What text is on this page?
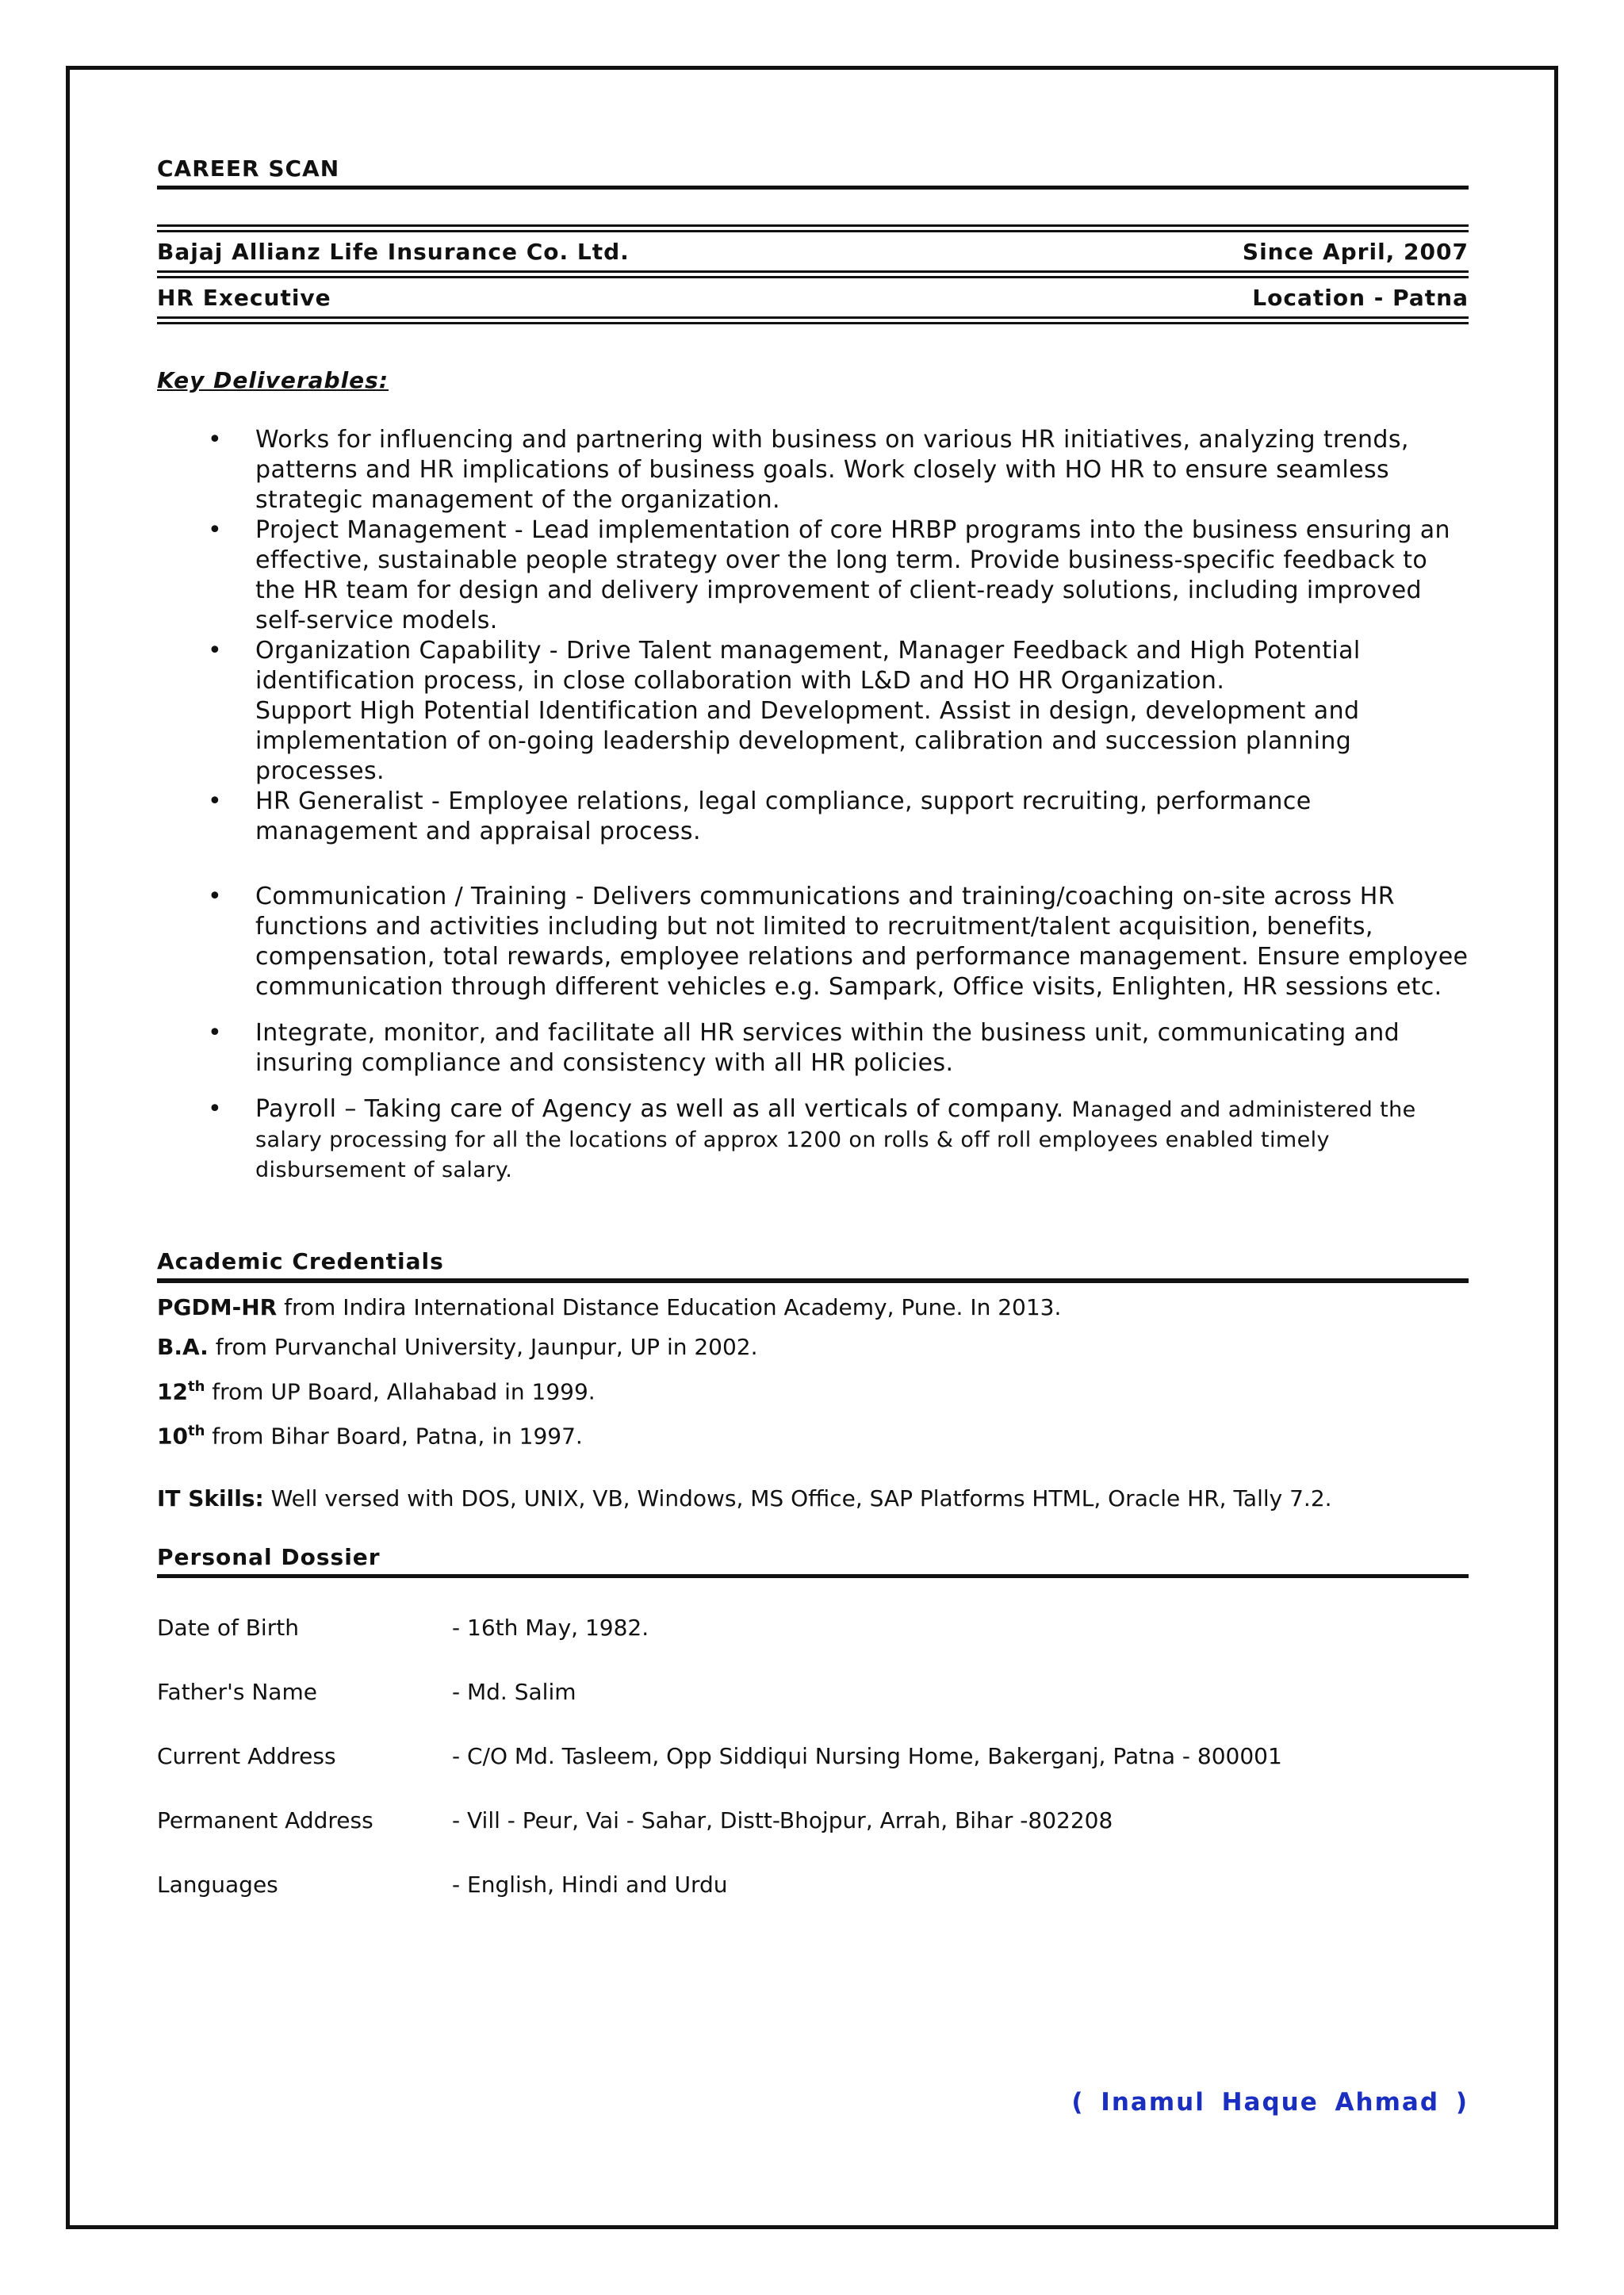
CAREER SCAN
Bajaj Allianz Life Insurance Co. Ltd.	Since April, 2007
HR Executive	Location - Patna
Key Deliverables:
• Works for influencing and partnering with business on various HR initiatives, analyzing trends, patterns and HR implications of business goals. Work closely with HO HR to ensure seamless strategic management of the organization.
• Project Management - Lead implementation of core HRBP programs into the business ensuring an effective, sustainable people strategy over the long term. Provide business-specific feedback to the HR team for design and delivery improvement of client-ready solutions, including improved self-service models.
• Organization Capability - Drive Talent management, Manager Feedback and High Potential identification process, in close collaboration with L&D and HO HR Organization.
Support High Potential Identification and Development. Assist in design, development and implementation of on-going leadership development, calibration and succession planning processes.
• HR Generalist - Employee relations, legal compliance, support recruiting, performance management and appraisal process.
• Communication / Training - Delivers communications and training/coaching on-site across HR functions and activities including but not limited to recruitment/talent acquisition, benefits, compensation, total rewards, employee relations and performance management. Ensure employee communication through different vehicles e.g. Sampark, Office visits, Enlighten, HR sessions etc.
• Integrate, monitor, and facilitate all HR services within the business unit, communicating and insuring compliance and consistency with all HR policies.
• Payroll – Taking care of Agency as well as all verticals of company. Managed and administered the salary processing for all the locations of approx 1200 on rolls & off roll employees enabled timely disbursement of salary.
Academic Credentials
PGDM-HR from Indira International Distance Education Academy, Pune. In 2013.
B.A. from Purvanchal University, Jaunpur, UP in 2002.
12th from UP Board, Allahabad in 1999.
10th from Bihar Board, Patna, in 1997.
IT Skills: Well versed with DOS, UNIX, VB, Windows, MS Office, SAP Platforms HTML, Oracle HR, Tally 7.2.
Personal Dossier
Date of Birth	- 16th May, 1982.
Father's Name	- Md. Salim
Current Address	- C/O Md. Tasleem, Opp Siddiqui Nursing Home, Bakerganj, Patna - 800001
Permanent Address	- Vill - Peur, Vai - Sahar, Distt-Bhojpur, Arrah, Bihar -802208
Languages	- English, Hindi and Urdu
( Inamul Haque Ahmad )
